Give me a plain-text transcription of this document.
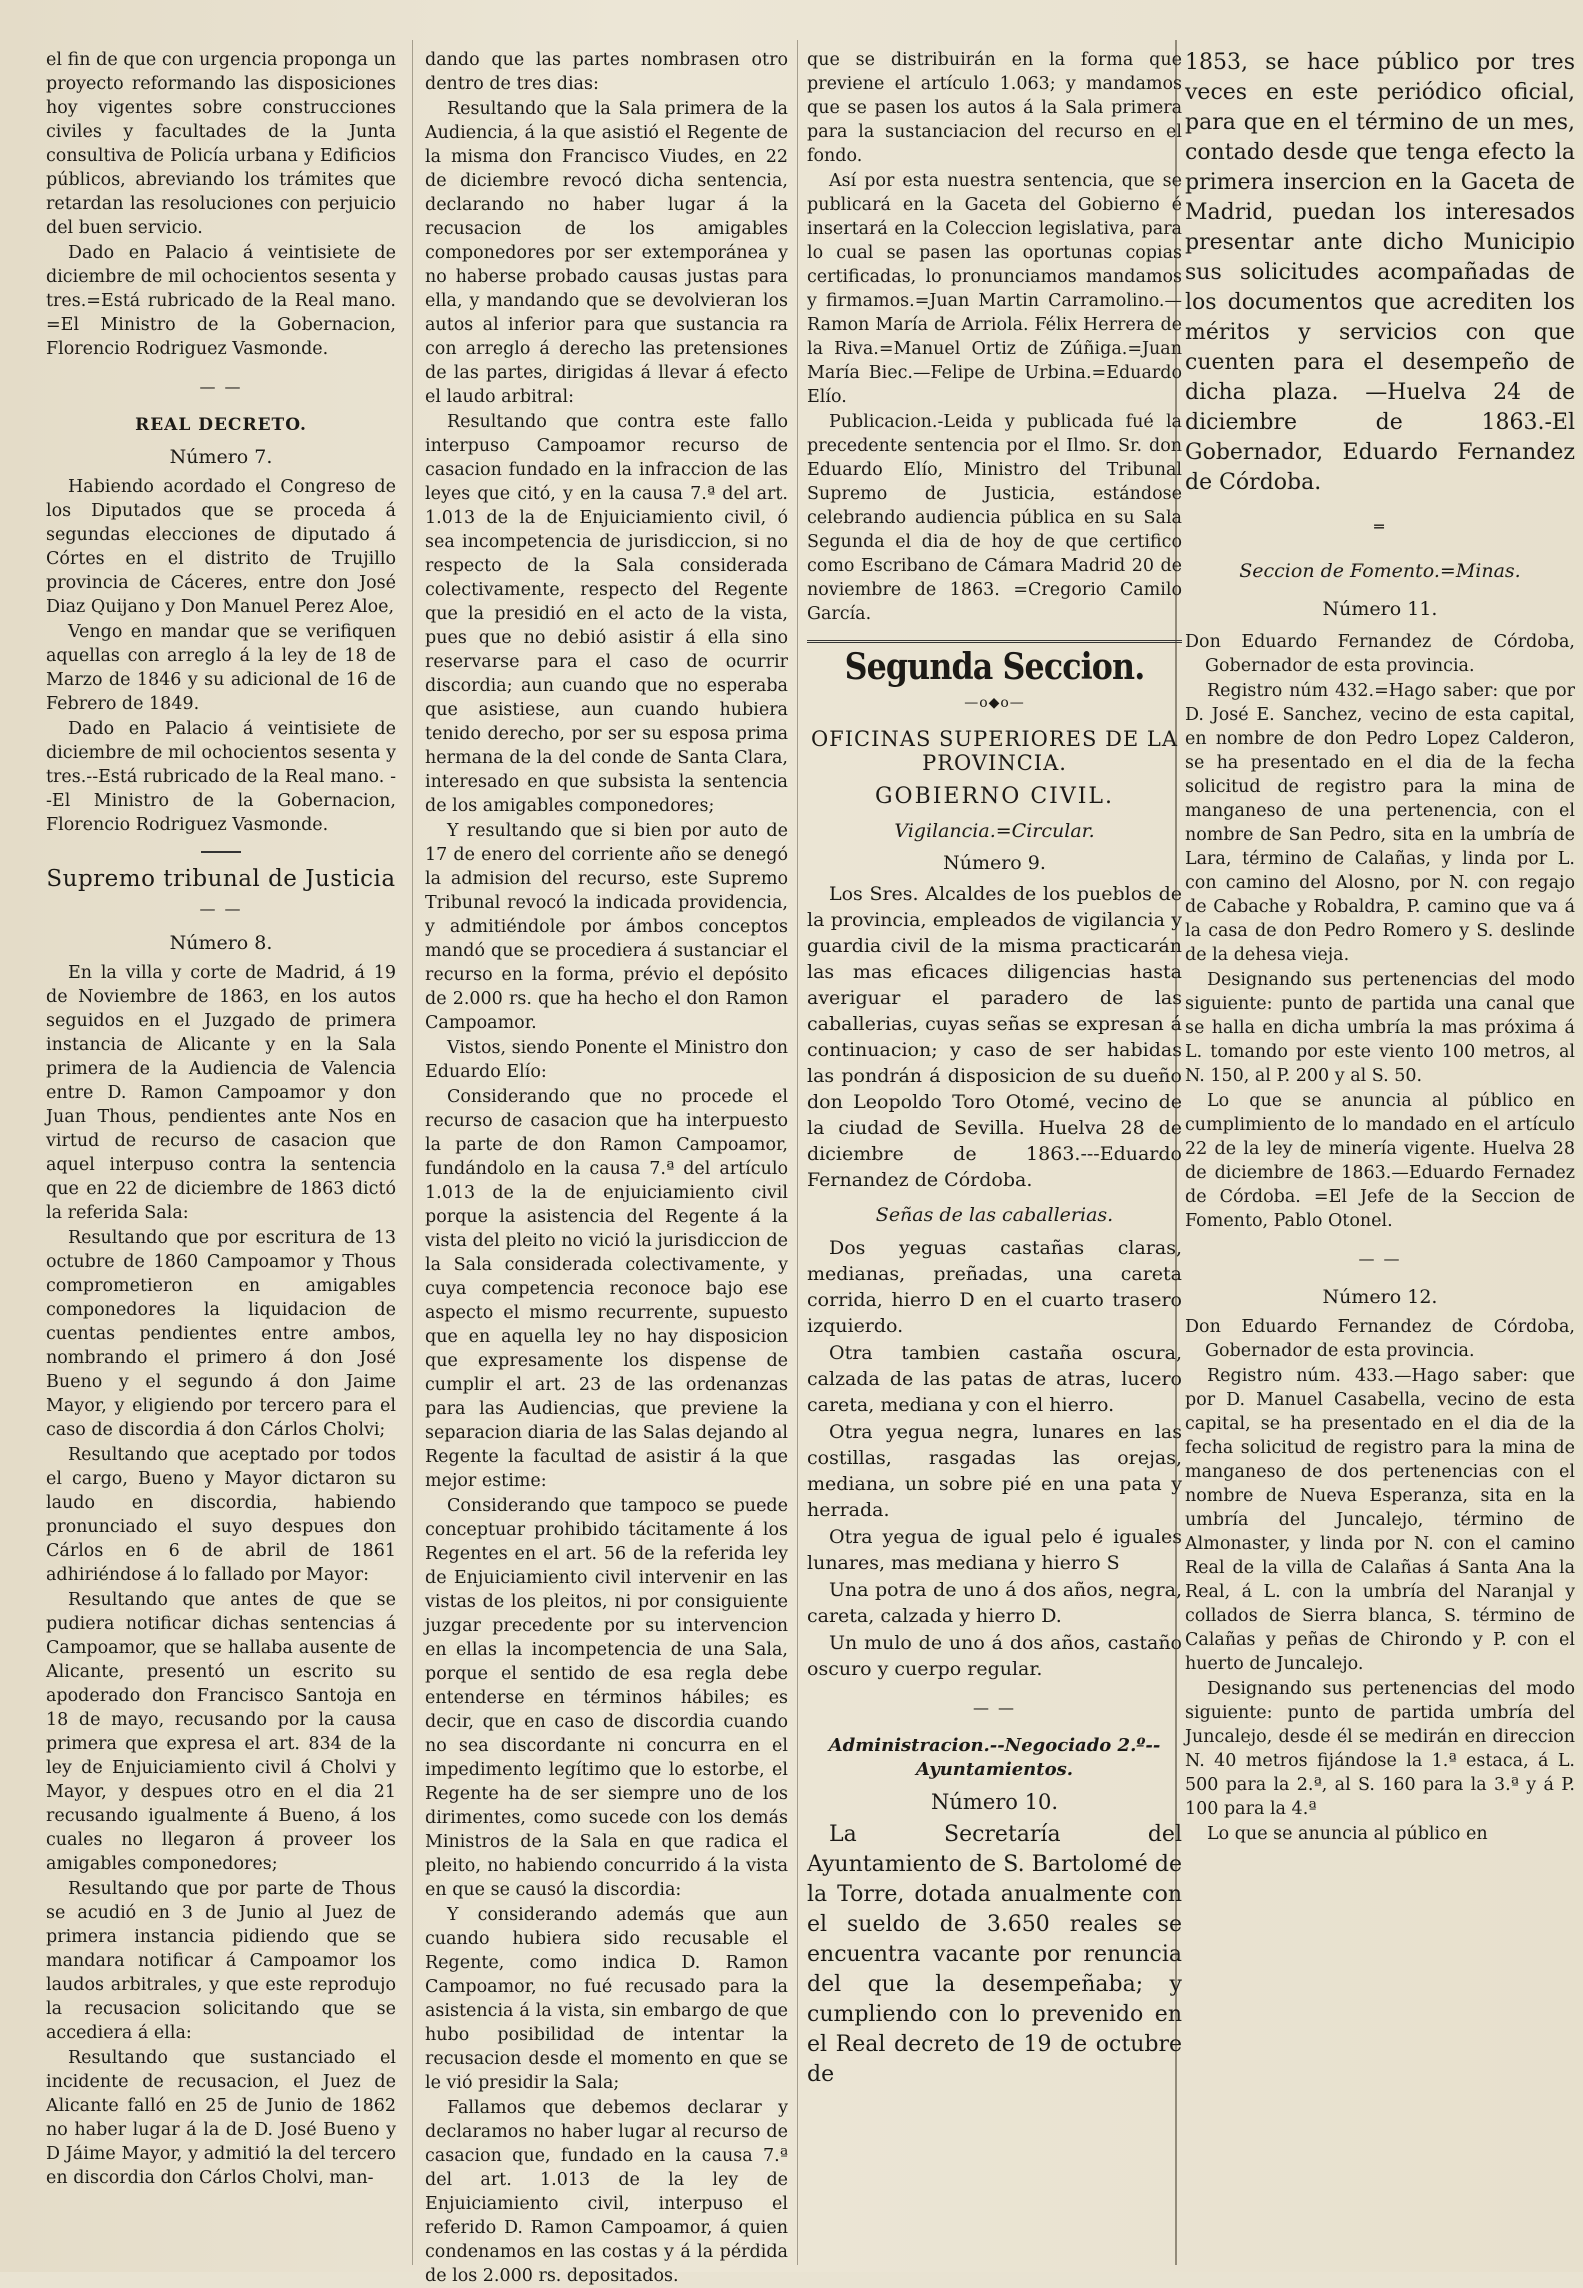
el fin de que con urgencia proponga un proyecto reformando las disposiciones hoy vigentes sobre construcciones civiles y facultades de la Junta consultiva de Policía urbana y Edificios públicos, abreviando los trámites que retardan las resoluciones con perjuicio del buen servicio.

Dado en Palacio á veintisiete de diciembre de mil ochocientos sesenta y tres.=Está rubricado de la Real mano. =El Ministro de la Gobernacion, Florencio Rodriguez Vasmonde.

— —
REAL DECRETO.
Número 7.

Habiendo acordado el Congreso de los Diputados que se proceda á segundas elecciones de diputado á Córtes en el distrito de Trujillo provincia de Cáceres, entre don José Diaz Quijano y Don Manuel Perez Aloe,

Vengo en mandar que se verifiquen aquellas con arreglo á la ley de 18 de Marzo de 1846 y su adicional de 16 de Febrero de 1849.

Dado en Palacio á veintisiete de diciembre de mil ochocientos sesenta y tres.--Está rubricado de la Real mano. --El Ministro de la Gobernacion, Florencio Rodriguez Vasmonde.

Supremo tribunal de Justicia
— —
Número 8.

En la villa y corte de Madrid, á 19 de Noviembre de 1863, en los autos seguidos en el Juzgado de primera instancia de Alicante y en la Sala primera de la Audiencia de Valencia entre D. Ramon Campoamor y don Juan Thous, pendientes ante Nos en virtud de recurso de casacion que aquel interpuso contra la sentencia que en 22 de diciembre de 1863 dictó la referida Sala:

Resultando que por escritura de 13 octubre de 1860 Campoamor y Thous comprometieron en amigables componedores la liquidacion de cuentas pendientes entre ambos, nombrando el primero á don José Bueno y el segundo á don Jaime Mayor, y eligiendo por tercero para el caso de discordia á don Cárlos Cholvi;

Resultando que aceptado por todos el cargo, Bueno y Mayor dictaron su laudo en discordia, habiendo pronunciado el suyo despues don Cárlos en 6 de abril de 1861 adhiriéndose á lo fallado por Mayor:

Resultando que antes de que se pudiera notificar dichas sentencias á Campoamor, que se hallaba ausente de Alicante, presentó un escrito su apoderado don Francisco Santoja en 18 de mayo, recusando por la causa primera que expresa el art. 834 de la ley de Enjuiciamiento civil á Cholvi y Mayor, y despues otro en el dia 21 recusando igualmente á Bueno, á los cuales no llegaron á proveer los amigables componedores;

Resultando que por parte de Thous se acudió en 3 de Junio al Juez de primera instancia pidiendo que se mandara notificar á Campoamor los laudos arbitrales, y que este reprodujo la recusacion solicitando que se accediera á ella:

Resultando que sustanciado el incidente de recusacion, el Juez de Alicante falló en 25 de Junio de 1862 no haber lugar á la de D. José Bueno y D Jáime Mayor, y admitió la del tercero en discordia don Cárlos Cholvi, man-

dando que las partes nombrasen otro dentro de tres dias:

Resultando que la Sala primera de la Audiencia, á la que asistió el Regente de la misma don Francisco Viudes, en 22 de diciembre revocó dicha sentencia, declarando no haber lugar á la recusacion de los amigables componedores por ser extemporánea y no haberse probado causas justas para ella, y mandando que se devolvieran los autos al inferior para que sustancia ra con arreglo á derecho las pretensiones de las partes, dirigidas á llevar á efecto el laudo arbitral:

Resultando que contra este fallo interpuso Campoamor recurso de casacion fundado en la infraccion de las leyes que citó, y en la causa 7.ª del art. 1.013 de la de Enjuiciamiento civil, ó sea incompetencia de jurisdiccion, si no respecto de la Sala considerada colectivamente, respecto del Regente que la presidió en el acto de la vista, pues que no debió asistir á ella sino reservarse para el caso de ocurrir discordia; aun cuando que no esperaba que asistiese, aun cuando hubiera tenido derecho, por ser su esposa prima hermana de la del conde de Santa Clara, interesado en que subsista la sentencia de los amigables componedores;

Y resultando que si bien por auto de 17 de enero del corriente año se denegó la admision del recurso, este Supremo Tribunal revocó la indicada providencia, y admitiéndole por ámbos conceptos mandó que se procediera á sustanciar el recurso en la forma, prévio el depósito de 2.000 rs. que ha hecho el don Ramon Campoamor.

Vistos, siendo Ponente el Ministro don Eduardo Elío:

Considerando que no procede el recurso de casacion que ha interpuesto la parte de don Ramon Campoamor, fundándolo en la causa 7.ª del artículo 1.013 de la de enjuiciamiento civil porque la asistencia del Regente á la vista del pleito no vició la jurisdiccion de la Sala considerada colectivamente, y cuya competencia reconoce bajo ese aspecto el mismo recurrente, supuesto que en aquella ley no hay disposicion que expresamente los dispense de cumplir el art. 23 de las ordenanzas para las Audiencias, que previene la separacion diaria de las Salas dejando al Regente la facultad de asistir á la que mejor estime:

Considerando que tampoco se puede conceptuar prohibido tácitamente á los Regentes en el art. 56 de la referida ley de Enjuiciamiento civil intervenir en las vistas de los pleitos, ni por consiguiente juzgar precedente por su intervencion en ellas la incompetencia de una Sala, porque el sentido de esa regla debe entenderse en términos hábiles; es decir, que en caso de discordia cuando no sea discordante ni concurra en el impedimento legítimo que lo estorbe, el Regente ha de ser siempre uno de los dirimentes, como sucede con los demás Ministros de la Sala en que radica el pleito, no habiendo concurrido á la vista en que se causó la discordia:

Y considerando además que aun cuando hubiera sido recusable el Regente, como indica D. Ramon Campoamor, no fué recusado para la asistencia á la vista, sin embargo de que hubo posibilidad de intentar la recusacion desde el momento en que se le vió presidir la Sala;

Fallamos que debemos declarar y declaramos no haber lugar al recurso de casacion que, fundado en la causa 7.ª del art. 1.013 de la ley de Enjuiciamiento civil, interpuso el referido D. Ramon Campoamor, á quien condenamos en las costas y á la pérdida de los 2.000 rs. depositados.

que se distribuirán en la forma que previene el artículo 1.063; y mandamos que se pasen los autos á la Sala primera para la sustanciacion del recurso en el fondo.

Así por esta nuestra sentencia, que se publicará en la Gaceta del Gobierno é insertará en la Coleccion legislativa, para lo cual se pasen las oportunas copias certificadas, lo pronunciamos mandamos y firmamos.=Juan Martin Carramolino.—Ramon María de Arriola. Félix Herrera de la Riva.=Manuel Ortiz de Zúñiga.=Juan María Biec.—Felipe de Urbina.=Eduardo Elío.

Publicacion.-Leida y publicada fué la precedente sentencia por el Ilmo. Sr. don Eduardo Elío, Ministro del Tribunal Supremo de Justicia, estándose celebrando audiencia pública en su Sala Segunda el dia de hoy de que certifico como Escribano de Cámara Madrid 20 de noviembre de 1863. =Cregorio Camilo García.

Segunda Seccion.
—o◆o—
OFICINAS SUPERIORES DE LA PROVINCIA.
GOBIERNO CIVIL.
Vigilancia.=Circular.
Número 9.

Los Sres. Alcaldes de los pueblos de la provincia, empleados de vigilancia y guardia civil de la misma practicarán las mas eficaces diligencias hasta averiguar el paradero de las caballerias, cuyas señas se expresan á continuacion; y caso de ser habidas las pondrán á disposicion de su dueño don Leopoldo Toro Otomé, vecino de la ciudad de Sevilla. Huelva 28 de diciembre de 1863.---Eduardo Fernandez de Córdoba.

Señas de las caballerias.

Dos yeguas castañas claras, medianas, preñadas, una careta corrida, hierro D en el cuarto trasero izquierdo.

Otra tambien castaña oscura, calzada de las patas de atras, lucero careta, mediana y con el hierro.

Otra yegua negra, lunares en las costillas, rasgadas las orejas, mediana, un sobre pié en una pata y herrada.

Otra yegua de igual pelo é iguales lunares, mas mediana y hierro S

Una potra de uno á dos años, negra, careta, calzada y hierro D.

Un mulo de uno á dos años, castaño oscuro y cuerpo regular.

— —
Administracion.--Negociado 2.º--Ayuntamientos.
Número 10.

La Secretaría del Ayuntamiento de S. Bartolomé de la Torre, dotada anualmente con el sueldo de 3.650 reales se encuentra vacante por renuncia del que la desempeñaba; y cumpliendo con lo prevenido en el Real decreto de 19 de octubre de

1853, se hace público por tres veces en este periódico oficial, para que en el término de un mes, contado desde que tenga efecto la primera insercion en la Gaceta de Madrid, puedan los interesados presentar ante dicho Municipio sus solicitudes acompañadas de los documentos que acrediten los méritos y servicios con que cuenten para el desempeño de dicha plaza. —Huelva 24 de diciembre de 1863.-El Gobernador, Eduardo Fernandez de Córdoba.

═
Seccion de Fomento.=Minas.
Número 11.

Don Eduardo Fernandez de Córdoba, Gobernador de esta provincia.

Registro núm 432.=Hago saber: que por D. José E. Sanchez, vecino de esta capital, en nombre de don Pedro Lopez Calderon, se ha presentado en el dia de la fecha solicitud de registro para la mina de manganeso de una pertenencia, con el nombre de San Pedro, sita en la umbría de Lara, término de Calañas, y linda por L. con camino del Alosno, por N. con regajo de Cabache y Robaldra, P. camino que va á la casa de don Pedro Romero y S. deslinde de la dehesa vieja.

Designando sus pertenencias del modo siguiente: punto de partida una canal que se halla en dicha umbría la mas próxima á L. tomando por este viento 100 metros, al N. 150, al P. 200 y al S. 50.

Lo que se anuncia al público en cumplimiento de lo mandado en el artículo 22 de la ley de minería vigente. Huelva 28 de diciembre de 1863.—Eduardo Fernadez de Córdoba. =El Jefe de la Seccion de Fomento, Pablo Otonel.

— —
Número 12.

Don Eduardo Fernandez de Córdoba, Gobernador de esta provincia.

Registro núm. 433.—Hago saber: que por D. Manuel Casabella, vecino de esta capital, se ha presentado en el dia de la fecha solicitud de registro para la mina de manganeso de dos pertenencias con el nombre de Nueva Esperanza, sita en la umbría del Juncalejo, término de Almonaster, y linda por N. con el camino Real de la villa de Calañas á Santa Ana la Real, á L. con la umbría del Naranjal y collados de Sierra blanca, S. término de Calañas y peñas de Chirondo y P. con el huerto de Juncalejo.

Designando sus pertenencias del modo siguiente: punto de partida umbría del Juncalejo, desde él se medirán en direccion N. 40 metros fijándose la 1.ª estaca, á L. 500 para la 2.ª, al S. 160 para la 3.ª y á P. 100 para la 4.ª

Lo que se anuncia al público en
